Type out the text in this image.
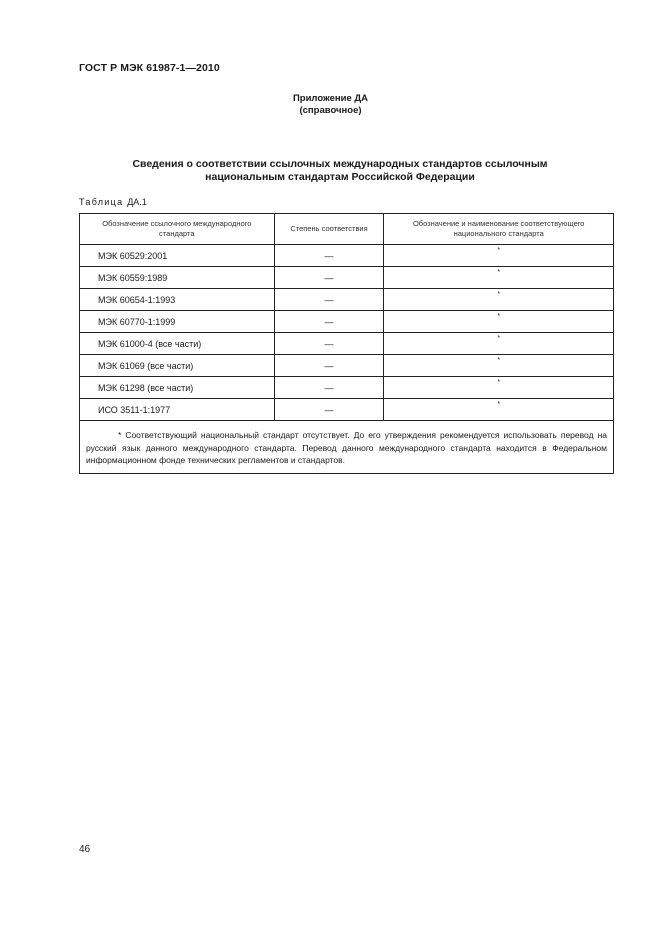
ГОСТ Р МЭК 61987-1—2010
Приложение ДА
(справочное)
Сведения о соответствии ссылочных международных стандартов ссылочным
национальным стандартам Российской Федерации
Таблица ДА.1
Обозначение ссылочного международного стандарта	Степень соответствия	Обозначение и наименование соответствующего национального стандарта
МЭК 60529:2001	—	*
МЭК 60559:1989	—	*
МЭК 60654-1:1993	—	*
МЭК 60770-1:1999	—	*
МЭК 61000-4 (все части)	—	*
МЭК 61069 (все части)	—	*
МЭК 61298 (все части)	—	*
ИСО 3511-1:1977	—	*
* Соответствующий национальный стандарт отсутствует. До его утверждения рекомендуется использовать перевод на русский язык данного международного стандарта. Перевод данного международного стандарта находится в Федеральном информационном фонде технических регламентов и стандартов.		
46
